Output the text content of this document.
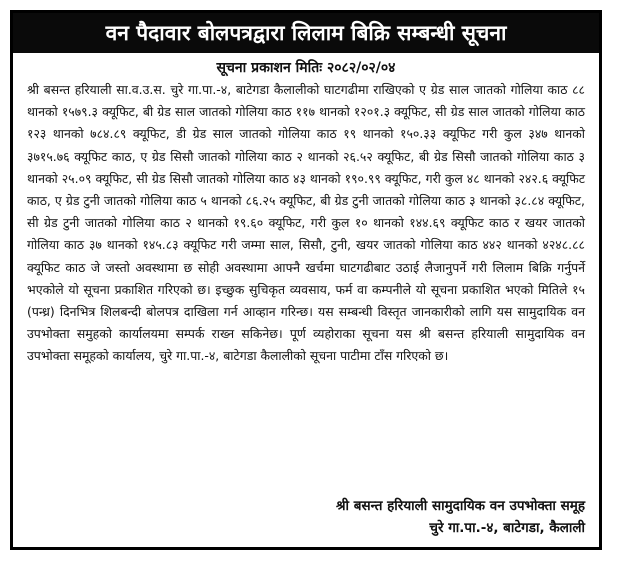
वन पैदावार बोलपत्रद्वारा लिलाम बिक्रि सम्बन्धी सूचना
सूचना प्रकाशन मितिः २०८२/०२/०४
श्री बसन्त हरियाली सा.व.उ.स. चुरे गा.पा.-४, बाटेगडा कैलालीको घाटगढीमा राखिएको ए ग्रेड साल जातको गोलिया काठ ८८ थानको १५७९.३ क्यूफिट, बी ग्रेड साल जातको गोलिया काठ ११७ थानको १२०१.३ क्यूफिट, सी ग्रेड साल जातको गोलिया काठ १२३ थानको ७८४.८९ क्यूफिट, डी ग्रेड साल जातको गोलिया काठ १९ थानको १५०.३३ क्यूफिट गरी कुल ३४७ थानको ३७१५.७६ क्यूफिट काठ, ए ग्रेड सिसौ जातको गोलिया काठ २ थानको २६.५२ क्यूफिट, बी ग्रेड सिसौ जातको गोलिया काठ ३ थानको २५.०९ क्यूफिट, सी ग्रेड सिसौ जातको गोलिया काठ ४३ थानको १९०.९९ क्यूफिट, गरी कुल ४८ थानको २४२.६ क्यूफिट काठ, ए ग्रेड टुनी जातको गोलिया काठ ५ थानको ८६.२५ क्यूफिट, बी ग्रेड टुनी जातको गोलिया काठ ३ थानको ३८.८४ क्यूफिट, सी ग्रेड टुनी जातको गोलिया काठ २ थानको १९.६० क्यूफिट, गरी कुल १० थानको १४४.६९ क्यूफिट काठ र खयर जातको गोलिया काठ ३७ थानको १४५.८३ क्यूफिट गरी जम्मा साल, सिसौ, टुनी, खयर जातको गोलिया काठ ४४२ थानको ४२४८.८८ क्यूफिट काठ जे जस्तो अवस्थामा छ सोही अवस्थामा आफ्नै खर्चमा घाटगढीबाट उठाई लैजानुपर्ने गरी लिलाम बिक्रि गर्नुपर्ने भएकोले यो सूचना प्रकाशित गरिएको छ। इच्छुक सुचिकृत व्यवसाय, फर्म वा कम्पनीले यो सूचना प्रकाशित भएको मितिले १५ (पन्ध्र) दिनभित्र शिलबन्दी बोलपत्र दाखिला गर्न आव्हान गरिन्छ। यस सम्बन्धी विस्तृत जानकारीको लागि यस सामुदायिक वन उपभोक्ता समुहको कार्यालयमा सम्पर्क राख्न सकिनेछ। पूर्ण व्यहोराका सूचना यस श्री बसन्त हरियाली सामुदायिक वन उपभोक्ता समूहको कार्यालय, चुरे गा.पा.-४, बाटेगडा कैलालीको सूचना पाटीमा टाँस गरिएको छ।
श्री बसन्त हरियाली सामुदायिक वन उपभोक्ता समूह
चुरे गा.पा.-४, बाटेगडा, कैलाली
